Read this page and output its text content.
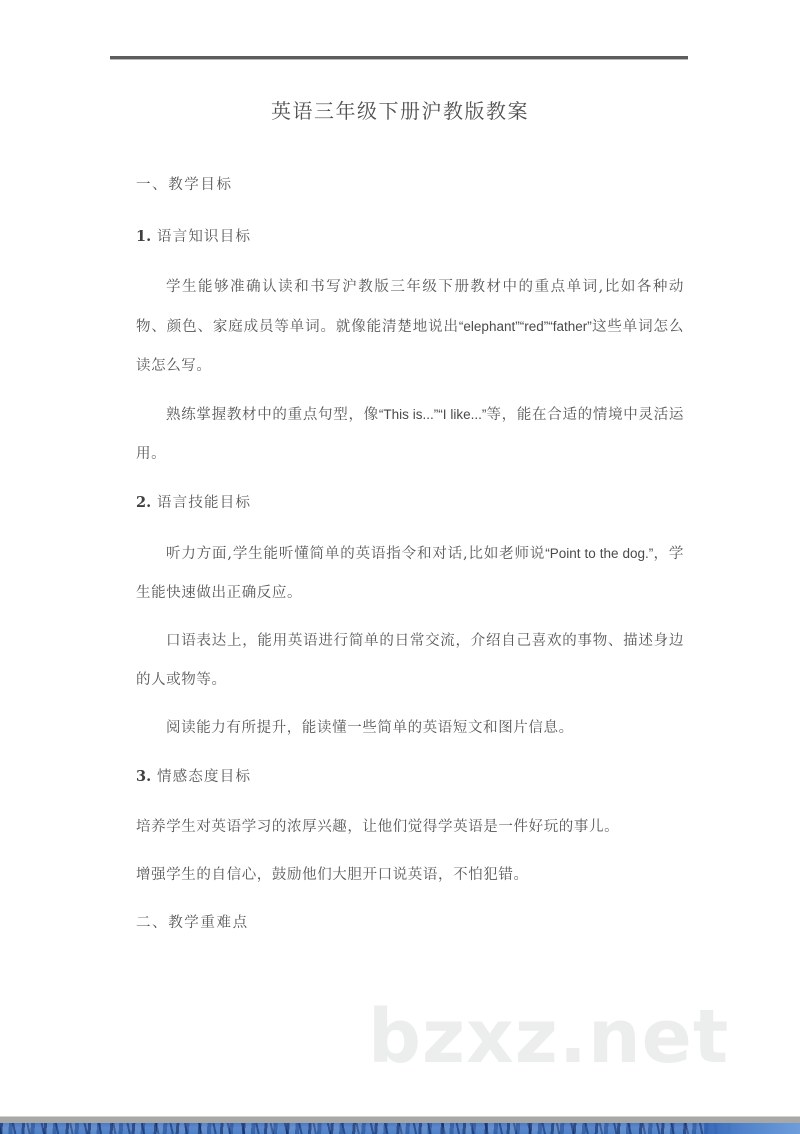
英语三年级下册沪教版教案

一、教学目标

1. 语言知识目标

学生能够准确认读和书写沪教版三年级下册教材中的重点单词,比如各种动物、颜色、家庭成员等单词。就像能清楚地说出“elephant”“red”“father”这些单词怎么读怎么写。

熟练掌握教材中的重点句型，像“This is...”“I like...”等，能在合适的情境中灵活运用。

2. 语言技能目标

听力方面,学生能听懂简单的英语指令和对话,比如老师说“Point to the dog.”，学生能快速做出正确反应。

口语表达上，能用英语进行简单的日常交流，介绍自己喜欢的事物、描述身边的人或物等。

阅读能力有所提升，能读懂一些简单的英语短文和图片信息。

3. 情感态度目标

培养学生对英语学习的浓厚兴趣，让他们觉得学英语是一件好玩的事儿。

增强学生的自信心，鼓励他们大胆开口说英语，不怕犯错。

二、教学重难点

bzxz.net
